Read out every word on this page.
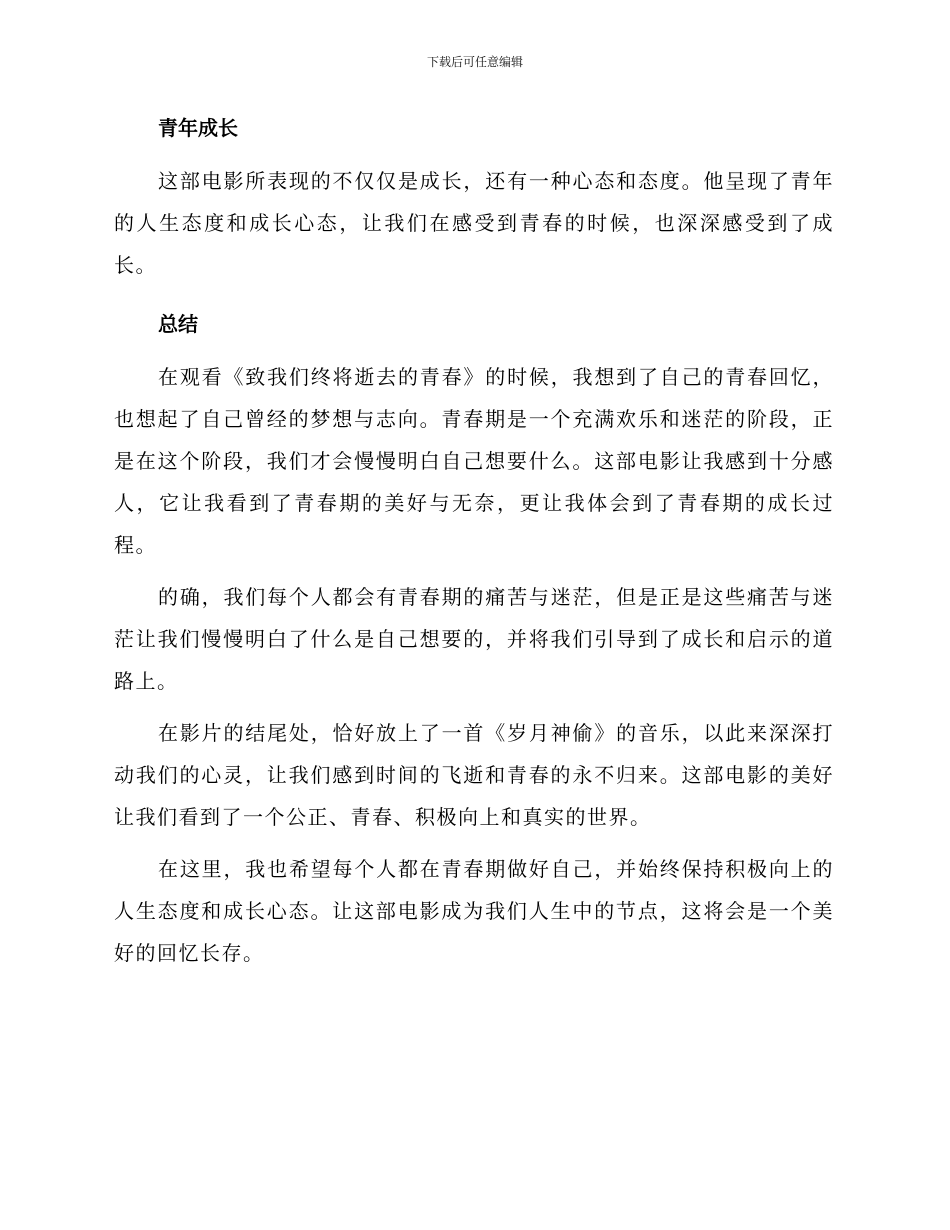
下载后可任意编辑
青年成长

这部电影所表现的不仅仅是成长，还有一种心态和态度。他呈现了青年的人生态度和成长心态，让我们在感受到青春的时候，也深深感受到了成长。

总结

在观看《致我们终将逝去的青春》的时候，我想到了自己的青春回忆，也想起了自己曾经的梦想与志向。青春期是一个充满欢乐和迷茫的阶段，正是在这个阶段，我们才会慢慢明白自己想要什么。这部电影让我感到十分感人，它让我看到了青春期的美好与无奈，更让我体会到了青春期的成长过程。

的确，我们每个人都会有青春期的痛苦与迷茫，但是正是这些痛苦与迷茫让我们慢慢明白了什么是自己想要的，并将我们引导到了成长和启示的道路上。

在影片的结尾处，恰好放上了一首《岁月神偷》的音乐，以此来深深打动我们的心灵，让我们感到时间的飞逝和青春的永不归来。这部电影的美好让我们看到了一个公正、青春、积极向上和真实的世界。

在这里，我也希望每个人都在青春期做好自己，并始终保持积极向上的人生态度和成长心态。让这部电影成为我们人生中的节点，这将会是一个美好的回忆长存。
